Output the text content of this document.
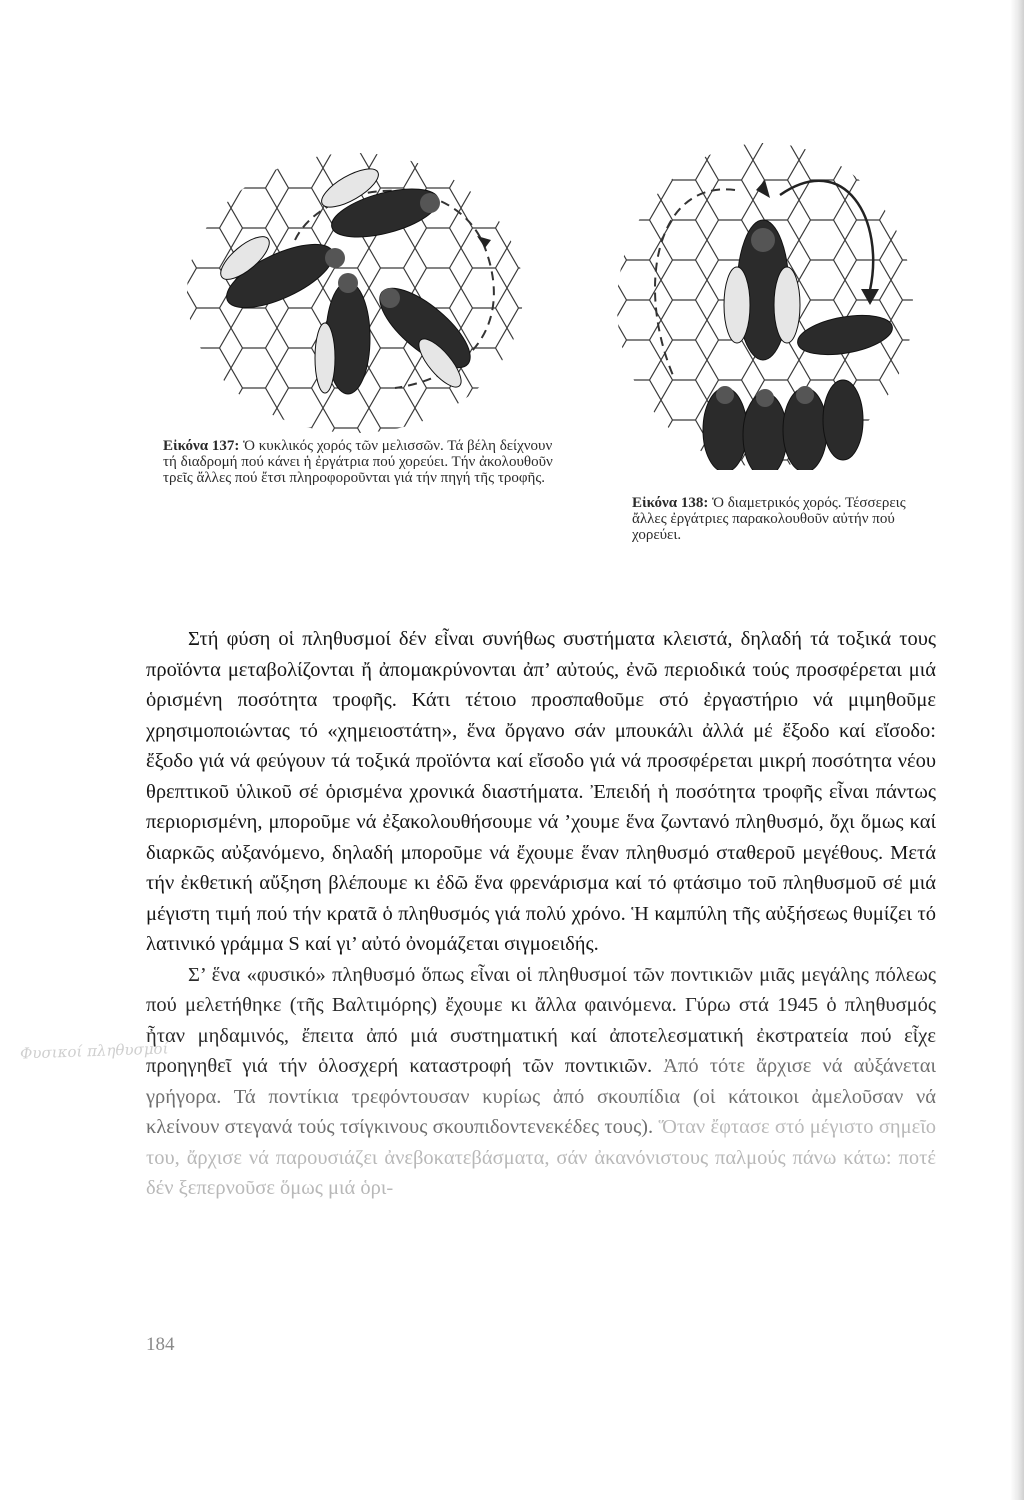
Εἰκόνα 137: Ὁ κυκλικός χορός τῶν μελισσῶν. Τά βέλη δείχνουν τή διαδρομή πού κάνει ἡ ἐργάτρια πού χορεύει. Τήν ἀκολουθοῦν τρεῖς ἄλλες πού ἔτσι πληροφοροῦνται γιά τήν πηγή τῆς τροφῆς.
Εἰκόνα 138: Ὁ διαμετρικός χορός. Τέσσερεις ἄλλες ἐργάτριες παρακολουθοῦν αὐτήν πού χορεύει.

Στή φύση οἱ πληθυσμοί δέν εἶναι συνήθως συστήματα κλειστά, δηλαδή τά τοξικά τους προϊόντα μεταβολίζονται ἤ ἀπομακρύνονται ἀπ’ αὐτούς, ἐνῶ περιοδικά τούς προσφέρεται μιά ὁρισμένη ποσότητα τροφῆς. Κάτι τέτοιο προσπαθοῦμε στό ἐργαστήριο νά μιμηθοῦμε χρησιμοποιώντας τό «χημειοστάτη», ἕνα ὄργανο σάν μπουκάλι ἀλλά μέ ἔξοδο καί εἴσοδο: ἔξοδο γιά νά φεύγουν τά τοξικά προϊόντα καί εἴσοδο γιά νά προσφέρεται μικρή ποσότητα νέου θρεπτικοῦ ὑλικοῦ σέ ὁρισμένα χρονικά διαστήματα. Ἐπειδή ἡ ποσότητα τροφῆς εἶναι πάντως περιορισμένη, μποροῦμε νά ἐξακολουθήσουμε νά ’χουμε ἕνα ζωντανό πληθυσμό, ὄχι ὅμως καί διαρκῶς αὐξανόμενο, δηλαδή μποροῦμε νά ἔχουμε ἕναν πληθυσμό σταθεροῦ μεγέθους. Μετά τήν ἐκθετική αὔξηση βλέπουμε κι ἐδῶ ἕνα φρενάρισμα καί τό φτάσιμο τοῦ πληθυσμοῦ σέ μιά μέγιστη τιμή πού τήν κρατᾶ ὁ πληθυσμός γιά πολύ χρόνο. Ἡ καμπύλη τῆς αὐξήσεως θυμίζει τό λατινικό γράμμα S καί γι’ αὐτό ὀνομάζεται σιγμοειδής.

Σ’ ἕνα «φυσικό» πληθυσμό ὅπως εἶναι οἱ πληθυσμοί τῶν ποντικιῶν μιᾶς μεγάλης πόλεως πού μελετήθηκε (τῆς Βαλτιμόρης) ἔχουμε κι ἄλλα φαινόμενα. Γύρω στά 1945 ὁ πληθυσμός ἦταν μηδαμινός, ἔπειτα ἀπό μιά συστηματική καί ἀποτελεσματική ἐκστρατεία πού εἶχε προηγηθεῖ γιά τήν ὁλοσχερή καταστροφή τῶν ποντικιῶν. Ἀπό τότε ἄρχισε νά αὐξάνεται γρήγορα. Τά ποντίκια τρεφόντουσαν κυρίως ἀπό σκουπίδια (οἱ κάτοικοι ἀμελοῦσαν νά κλείνουν στεγανά τούς τσίγκινους σκουπιδοντενεκέδες τους). Ὅταν ἔφτασε στό μέγιστο σημεῖο του, ἄρχισε νά παρουσιάζει ἀνεβοκατεβάσματα, σάν ἀκανόνιστους παλμούς πάνω κάτω: ποτέ δέν ξεπερνοῦσε ὅμως μιά ὁρι-

Φυσικοί πληθυσμοί
184
